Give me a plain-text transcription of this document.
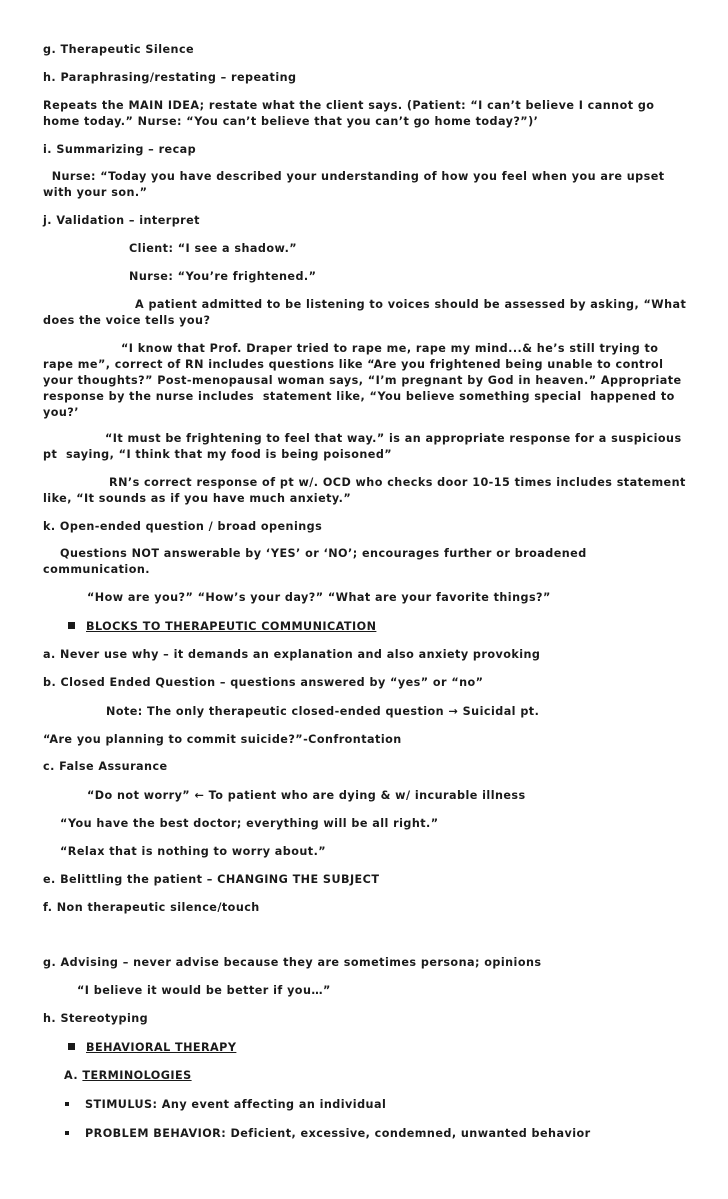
g. Therapeutic Silence

h. Paraphrasing/restating – repeating

Repeats the MAIN IDEA; restate what the client says. (Patient: “I can’t believe I cannot go

home today.” Nurse: “You can’t believe that you can’t go home today?”)’

i. Summarizing – recap

Nurse: “Today you have described your understanding of how you feel when you are upset

with your son.”

j. Validation – interpret

Client: “I see a shadow.”

Nurse: “You’re frightened.”

A patient admitted to be listening to voices should be assessed by asking, “What

does the voice tells you?

“I know that Prof. Draper tried to rape me, rape my mind...& he’s still trying to

rape me”, correct of RN includes questions like “Are you frightened being unable to control

your thoughts?” Post-menopausal woman says, “I’m pregnant by God in heaven.” Appropriate

response by the nurse includes  statement like, “You believe something special  happened to

you?’

“It must be frightening to feel that way.” is an appropriate response for a suspicious

pt  saying, “I think that my food is being poisoned”

RN’s correct response of pt w/. OCD who checks door 10-15 times includes statement

like, “It sounds as if you have much anxiety.”

k. Open-ended question / broad openings

Questions NOT answerable by ‘YES’ or ‘NO’; encourages further or broadened

communication.

“How are you?” “How’s your day?” “What are your favorite things?”

BLOCKS TO THERAPEUTIC COMMUNICATION

a. Never use why – it demands an explanation and also anxiety provoking

b. Closed Ended Question – questions answered by “yes” or “no”

Note: The only therapeutic closed-ended question → Suicidal pt.

“Are you planning to commit suicide?”-Confrontation

c. False Assurance

“Do not worry” ← To patient who are dying & w/ incurable illness

“You have the best doctor; everything will be all right.”

“Relax that is nothing to worry about.”

e. Belittling the patient – CHANGING THE SUBJECT

f. Non therapeutic silence/touch

g. Advising – never advise because they are sometimes persona; opinions

“I believe it would be better if you…”

h. Stereotyping

BEHAVIORAL THERAPY

A. TERMINOLOGIES

STIMULUS: Any event affecting an individual

PROBLEM BEHAVIOR: Deficient, excessive, condemned, unwanted behavior
